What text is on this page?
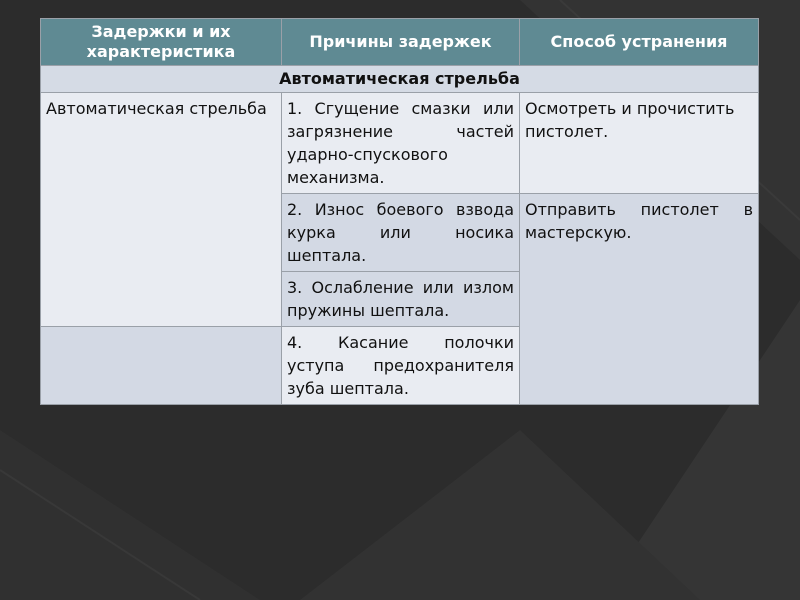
Задержки и их характеристика	Причины задержек	Способ устранения
Автоматическая стрельба		
Автоматическая стрельба	1. Сгущение смазки или загрязнение частей ударно-спускового механизма.	Осмотреть и прочистить пистолет.
	2. Износ боевого взвода курка или носика шептала.	Отправить пистолет в мастерскую.
	3. Ослабление или излом пружины шептала.	
	4. Касание полочки уступа предохранителя зуба шептала.	
